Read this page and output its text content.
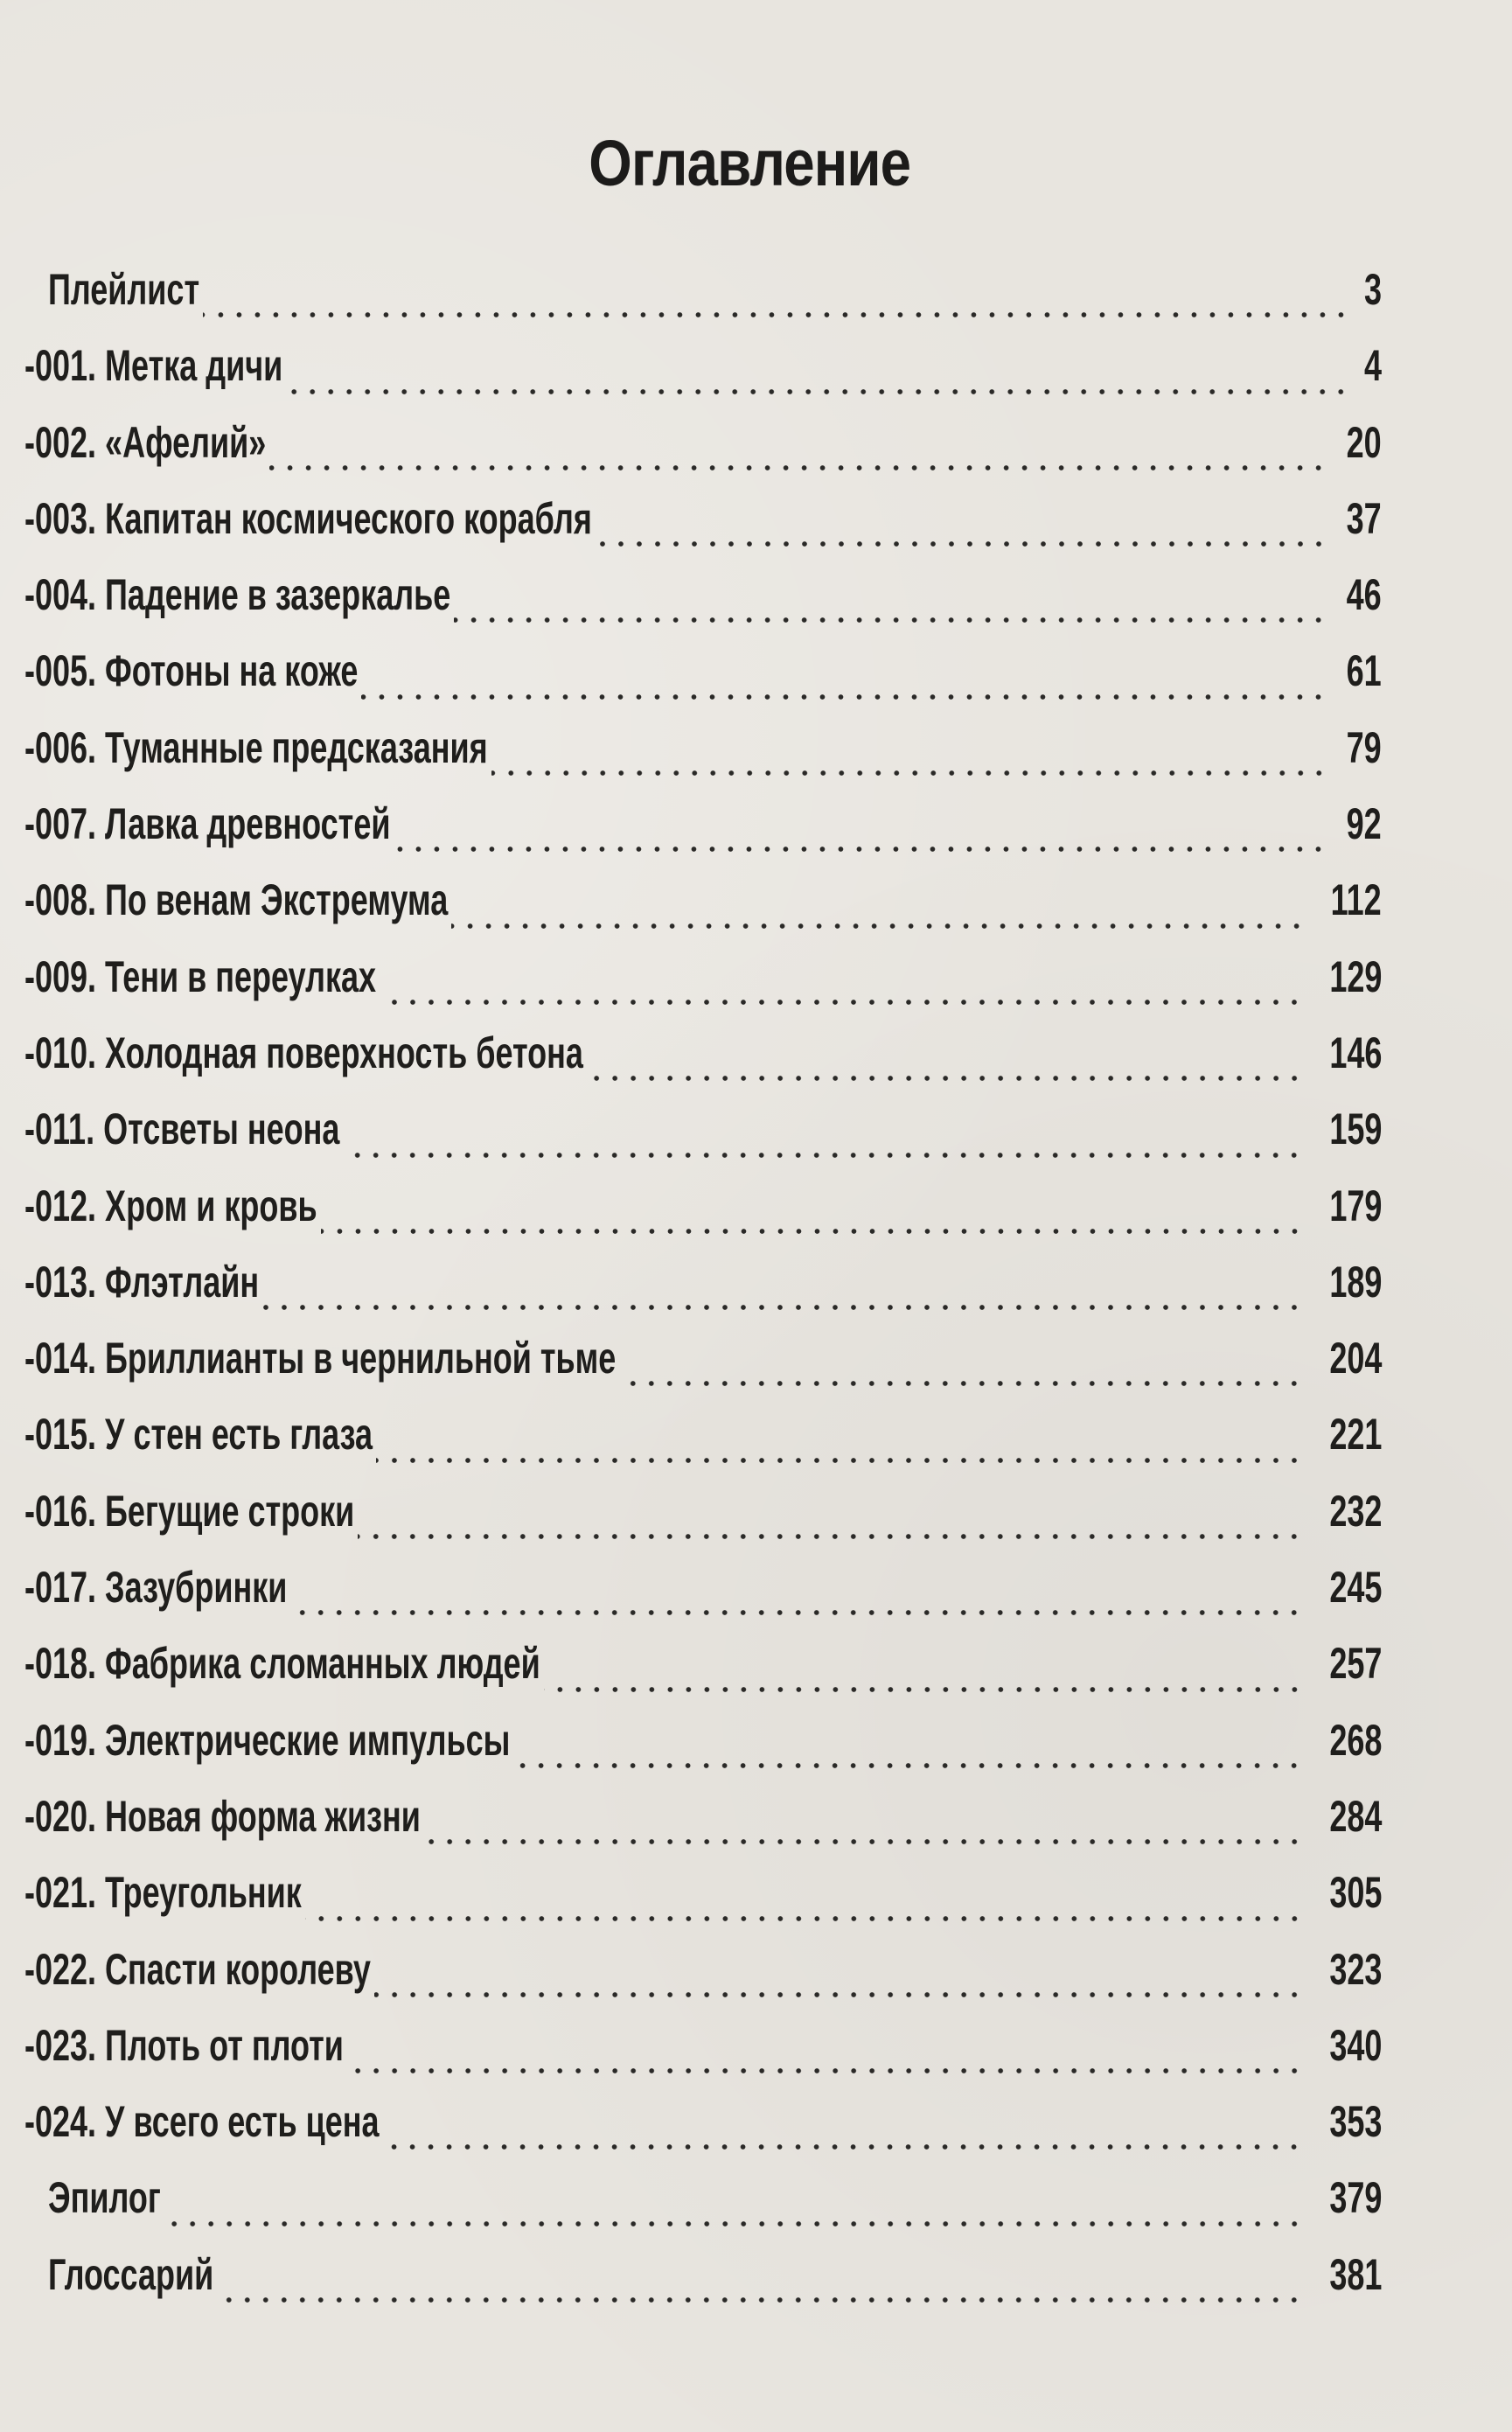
Оглавление
Плейлист	3
-001. Метка дичи	4
-002. «Афелий»	20
-003. Капитан космического корабля	37
-004. Падение в зазеркалье	46
-005. Фотоны на коже	61
-006. Туманные предсказания	79
-007. Лавка древностей	92
-008. По венам Экстремума	112
-009. Тени в переулках	129
-010. Холодная поверхность бетона	146
-011. Отсветы неона	159
-012. Хром и кровь	179
-013. Флэтлайн	189
-014. Бриллианты в чернильной тьме	204
-015. У стен есть глаза	221
-016. Бегущие строки	232
-017. Зазубринки	245
-018. Фабрика сломанных людей	257
-019. Электрические импульсы	268
-020. Новая форма жизни	284
-021. Треугольник	305
-022. Спасти королеву	323
-023. Плоть от плоти	340
-024. У всего есть цена	353
Эпилог	379
Глоссарий	381
